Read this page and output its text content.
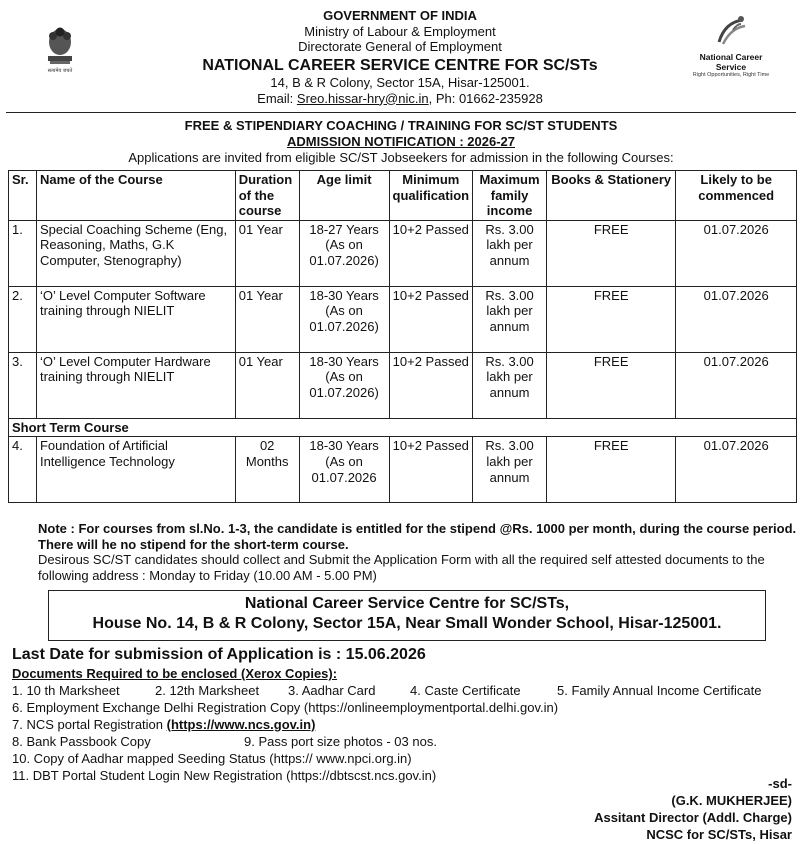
सत्यमेव जयते
GOVERNMENT OF INDIA
Ministry of Labour & Employment
Directorate General of Employment
NATIONAL CAREER SERVICE CENTRE FOR SC/STs
14, B & R Colony, Sector 15A, Hisar-125001.
Email: Sreo.hissar-hry@nic.in, Ph: 01662-235928
National Career Service
Right Opportunities, Right Time
FREE & STIPENDIARY COACHING / TRAINING FOR SC/ST STUDENTS
ADMISSION NOTIFICATION : 2026-27
Applications are invited from eligible SC/ST Jobseekers for admission in the following Courses:
Sr.	Name of the Course	Duration of the course	Age limit	Minimum qualification	Maximum family income	Books & Stationery	Likely to be commenced
1.	Special Coaching Scheme (Eng, Reasoning, Maths, G.K Computer, Stenography)	01 Year	18-27 Years (As on 01.07.2026)	10+2 Passed	Rs. 3.00 lakh per annum	FREE	01.07.2026
2.	‘O’ Level Computer Software training through NIELIT	01 Year	18-30 Years (As on 01.07.2026)	10+2 Passed	Rs. 3.00 lakh per annum	FREE	01.07.2026
3.	‘O’ Level Computer Hardware training through NIELIT	01 Year	18-30 Years (As on 01.07.2026)	10+2 Passed	Rs. 3.00 lakh per annum	FREE	01.07.2026
Short Term Course							
4.	Foundation of Artificial Intelligence Technology	02 Months	18-30 Years (As on 01.07.2026	10+2 Passed	Rs. 3.00 lakh per annum	FREE	01.07.2026
Note : For courses from sl.No. 1-3, the candidate is entitled for the stipend @Rs. 1000 per month, during the course period. There will he no stipend for the short-term course.
Desirous SC/ST candidates should collect and Submit the Application Form with all the required self attested documents to the following address : Monday to Friday (10.00 AM - 5.00 PM)
National Career Service Centre for SC/STs,
House No. 14, B & R Colony, Sector 15A, Near Small Wonder School, Hisar-125001.
Last Date for submission of Application is : 15.06.2026
Documents Required to be enclosed (Xerox Copies):
1. 10 th Marksheet	2. 12th Marksheet 3. Aadhar Card	4. Caste Certificate	5. Family Annual Income Certificate
6. Employment Exchange Delhi Registration Copy (https://onlineemploymentportal.delhi.gov.in)
7. NCS portal Registration (https://www.ncs.gov.in)
8. Bank Passbook Copy	9. Pass port size photos - 03 nos.
10. Copy of Aadhar mapped Seeding Status (https:// www.npci.org.in)
11. DBT Portal Student Login New Registration (https://dbtscst.ncs.gov.in)
-sd-
(G.K. MUKHERJEE)
Assitant Director (Addl. Charge)
NCSC for SC/STs, Hisar
